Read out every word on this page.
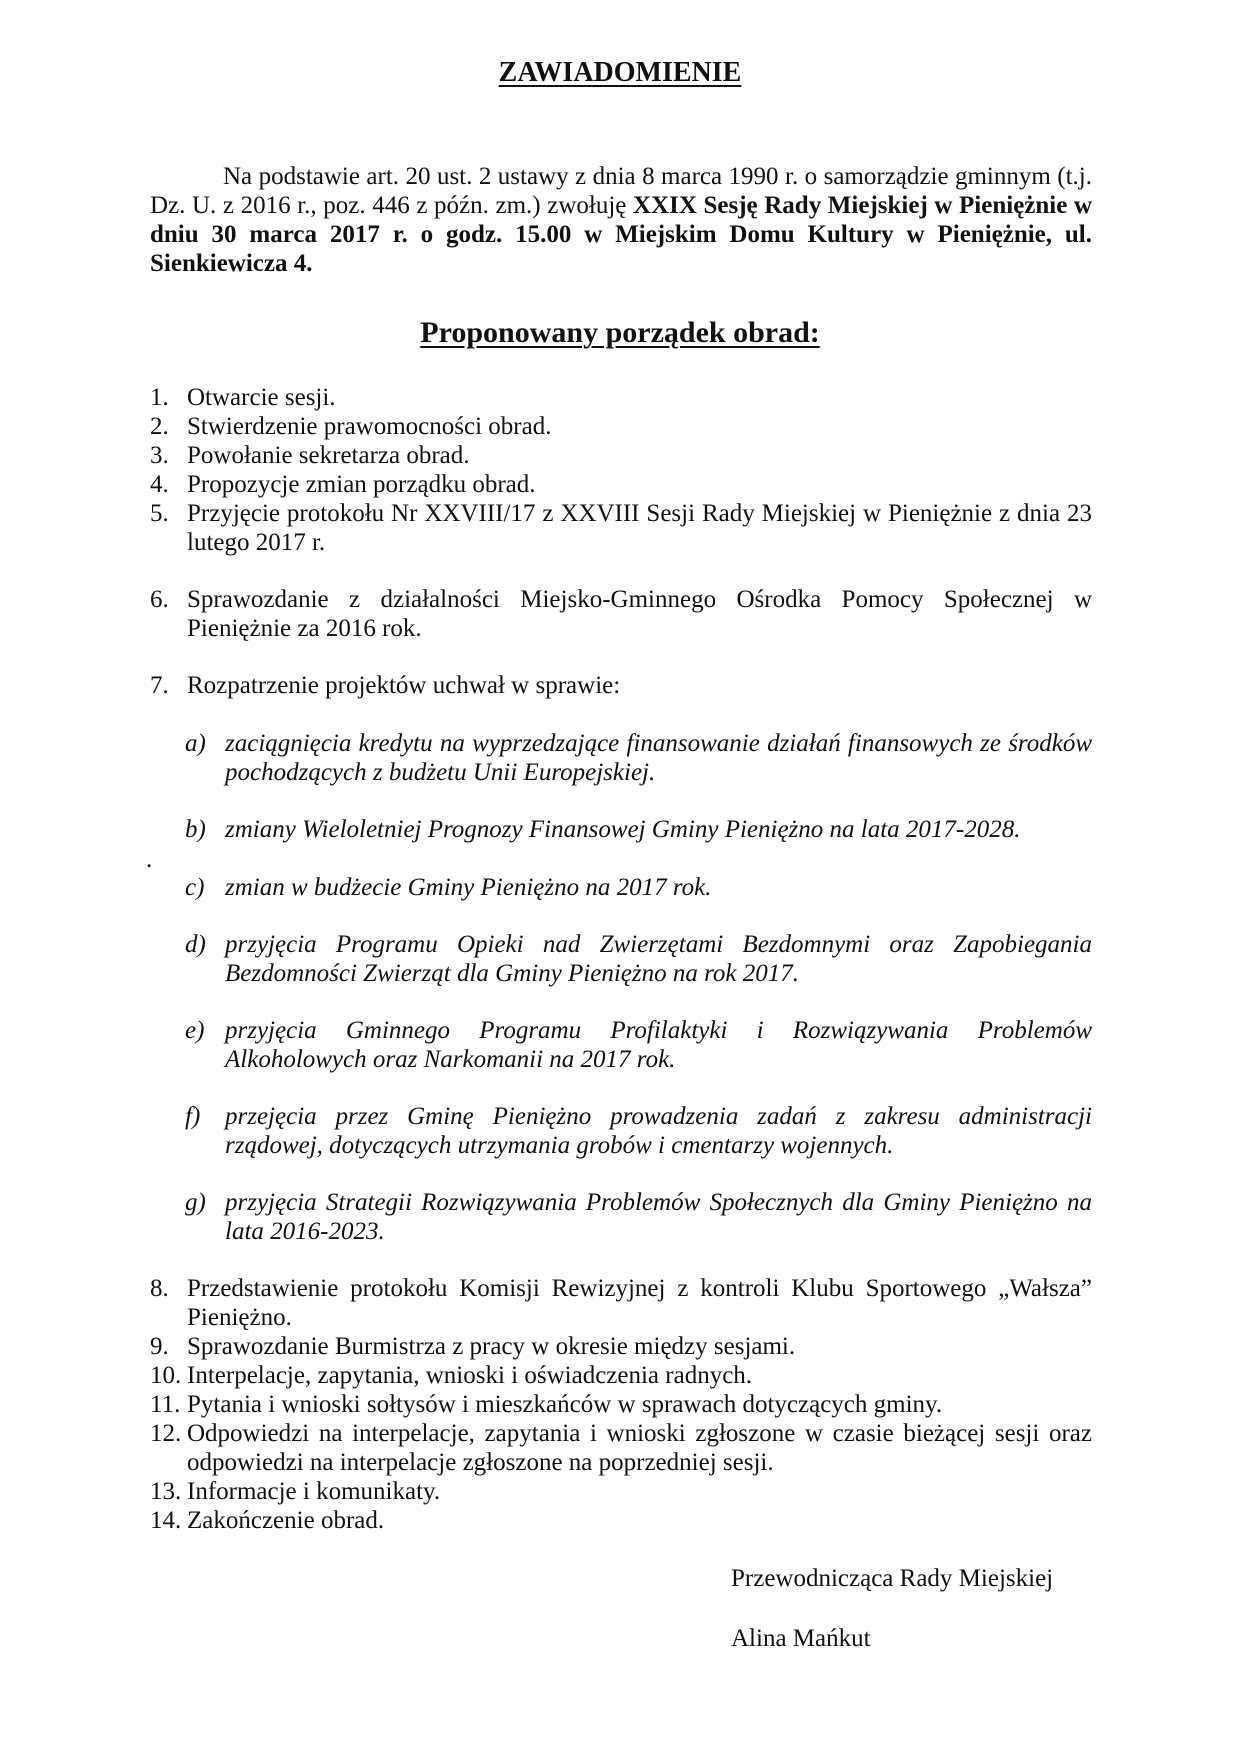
ZAWIADOMIENIE
Na podstawie art. 20 ust. 2 ustawy z dnia 8 marca 1990 r. o samorządzie gminnym (t.j. Dz. U. z 2016 r., poz. 446 z późn. zm.) zwołuję XXIX Sesję Rady Miejskiej w Pieniężnie w dniu 30 marca 2017 r. o godz. 15.00 w Miejskim Domu Kultury w Pieniężnie, ul. Sienkiewicza 4.
Proponowany porządek obrad:
1. Otwarcie sesji.
2. Stwierdzenie prawomocności obrad.
3. Powołanie sekretarza obrad.
4. Propozycje zmian porządku obrad.
5. Przyjęcie protokołu Nr XXVIII/17 z XXVIII Sesji Rady Miejskiej w Pieniężnie z dnia 23 lutego 2017 r.
6. Sprawozdanie z działalności Miejsko-Gminnego Ośrodka Pomocy Społecznej w Pieniężnie za 2016 rok.
7. Rozpatrzenie projektów uchwał w sprawie:
a) zaciągnięcia kredytu na wyprzedzające finansowanie działań finansowych ze środków pochodzących z budżetu Unii Europejskiej.
b) zmiany Wieloletniej Prognozy Finansowej Gminy Pieniężno na lata 2017-2028.
.
c) zmian w budżecie Gminy Pieniężno na 2017 rok.
d) przyjęcia Programu Opieki nad Zwierzętami Bezdomnymi oraz Zapobiegania Bezdomności Zwierząt dla Gminy Pieniężno na rok 2017.
e) przyjęcia Gminnego Programu Profilaktyki i Rozwiązywania Problemów Alkoholowych oraz Narkomanii na 2017 rok.
f) przejęcia przez Gminę Pieniężno prowadzenia zadań z zakresu administracji rządowej, dotyczących utrzymania grobów i cmentarzy wojennych.
g) przyjęcia Strategii Rozwiązywania Problemów Społecznych dla Gminy Pieniężno na lata 2016-2023.
8. Przedstawienie protokołu Komisji Rewizyjnej z kontroli Klubu Sportowego „Wałsza” Pieniężno.
9. Sprawozdanie Burmistrza z pracy w okresie między sesjami.
10. Interpelacje, zapytania, wnioski i oświadczenia radnych.
11. Pytania i wnioski sołtysów i mieszkańców w sprawach dotyczących gminy.
12. Odpowiedzi na interpelacje, zapytania i wnioski zgłoszone w czasie bieżącej sesji oraz odpowiedzi na interpelacje zgłoszone na poprzedniej sesji.
13. Informacje i komunikaty.
14. Zakończenie obrad.
Przewodnicząca Rady Miejskiej
Alina Mańkut
